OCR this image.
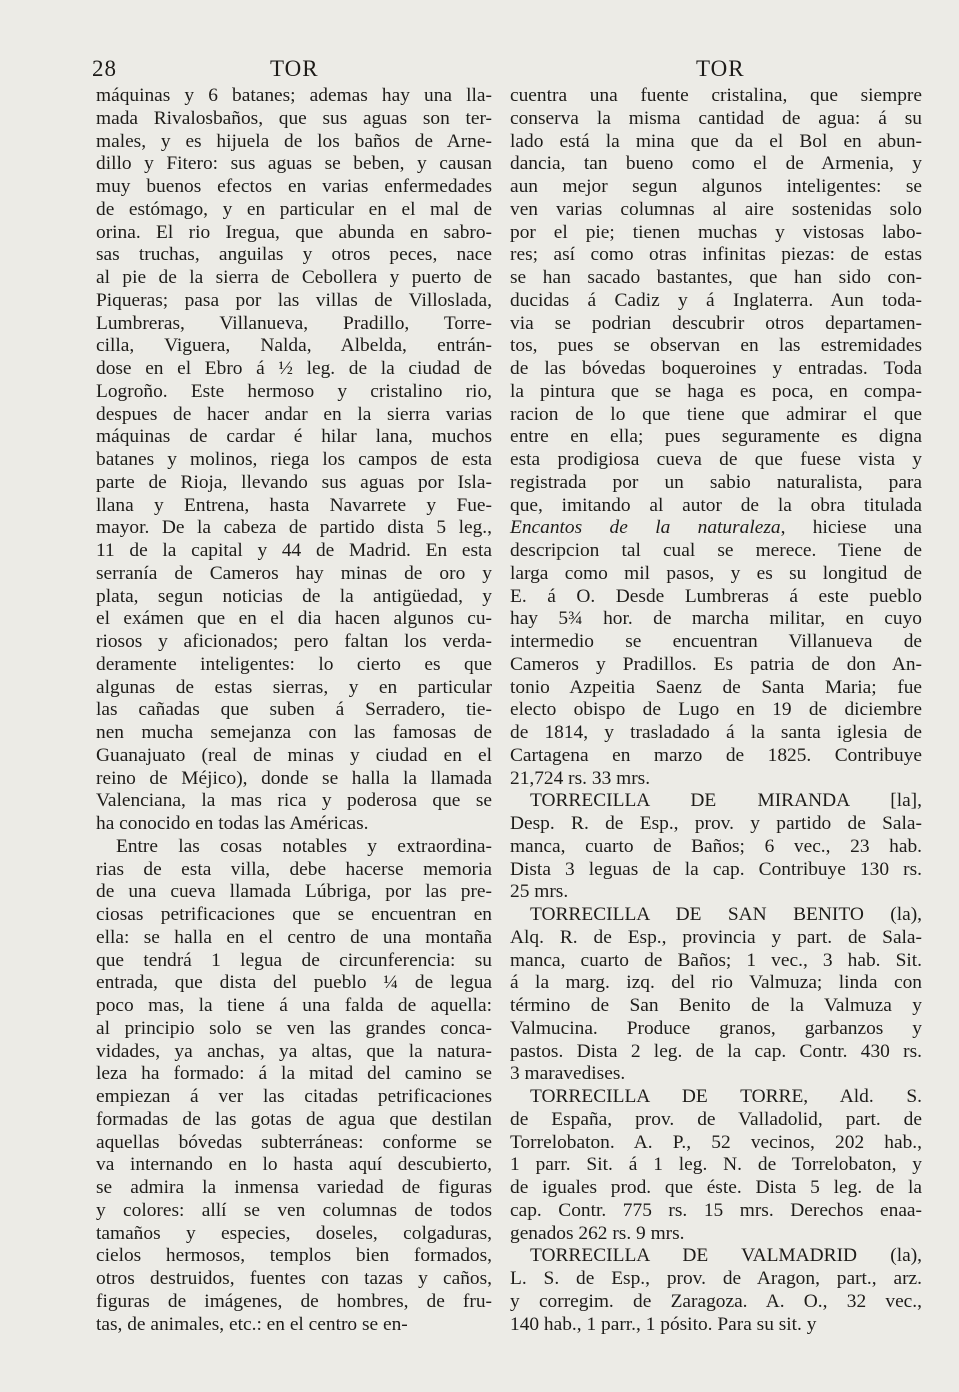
28	TOR	TOR
máquinas y 6 batanes; ademas hay una lla-
mada Rivalosbaños, que sus aguas son ter-
males, y es hijuela de los baños de Arne-
dillo y Fitero: sus aguas se beben, y causan
muy buenos efectos en varias enfermedades
de estómago, y en particular en el mal de
orina. El rio Iregua, que abunda en sabro-
sas truchas, anguilas y otros peces, nace
al pie de la sierra de Cebollera y puerto de
Piqueras; pasa por las villas de Villoslada,
Lumbreras, Villanueva, Pradillo, Torre-
cilla, Viguera, Nalda, Albelda, entrán-
dose en el Ebro á ½ leg. de la ciudad de
Logroño. Este hermoso y cristalino rio,
despues de hacer andar en la sierra varias
máquinas de cardar é hilar lana, muchos
batanes y molinos, riega los campos de esta
parte de Rioja, llevando sus aguas por Isla-
llana y Entrena, hasta Navarrete y Fue-
mayor. De la cabeza de partido dista 5 leg.,
11 de la capital y 44 de Madrid. En esta
serranía de Cameros hay minas de oro y
plata, segun noticias de la antigüedad, y
el exámen que en el dia hacen algunos cu-
riosos y aficionados; pero faltan los verda-
deramente inteligentes: lo cierto es que
algunas de estas sierras, y en particular
las cañadas que suben á Serradero, tie-
nen mucha semejanza con las famosas de
Guanajuato (real de minas y ciudad en el
reino de Méjico), donde se halla la llamada
Valenciana, la mas rica y poderosa que se
ha conocido en todas las Américas.
Entre las cosas notables y extraordina-
rias de esta villa, debe hacerse memoria
de una cueva llamada Lúbriga, por las pre-
ciosas petrificaciones que se encuentran en
ella: se halla en el centro de una montaña
que tendrá 1 legua de circunferencia: su
entrada, que dista del pueblo ¼ de legua
poco mas, la tiene á una falda de aquella:
al principio solo se ven las grandes conca-
vidades, ya anchas, ya altas, que la natura-
leza ha formado: á la mitad del camino se
empiezan á ver las citadas petrificaciones
formadas de las gotas de agua que destilan
aquellas bóvedas subterráneas: conforme se
va internando en lo hasta aquí descubierto,
se admira la inmensa variedad de figuras
y colores: allí se ven columnas de todos
tamaños y especies, doseles, colgaduras,
cielos hermosos, templos bien formados,
otros destruidos, fuentes con tazas y caños,
figuras de imágenes, de hombres, de fru-
tas, de animales, etc.: en el centro se en-
cuentra una fuente cristalina, que siempre
conserva la misma cantidad de agua: á su
lado está la mina que da el Bol en abun-
dancia, tan bueno como el de Armenia, y
aun mejor segun algunos inteligentes: se
ven varias columnas al aire sostenidas solo
por el pie; tienen muchas y vistosas labo-
res; así como otras infinitas piezas: de estas
se han sacado bastantes, que han sido con-
ducidas á Cadiz y á Inglaterra. Aun toda-
via se podrian descubrir otros departamen-
tos, pues se observan en las estremidades
de las bóvedas boqueroines y entradas. Toda
la pintura que se haga es poca, en compa-
racion de lo que tiene que admirar el que
entre en ella; pues seguramente es digna
esta prodigiosa cueva de que fuese vista y
registrada por un sabio naturalista, para
que, imitando al autor de la obra titulada
Encantos de la naturaleza, hiciese una
descripcion tal cual se merece. Tiene de
larga como mil pasos, y es su longitud de
E. á O. Desde Lumbreras á este pueblo
hay 5¾ hor. de marcha militar, en cuyo
intermedio se encuentran Villanueva de
Cameros y Pradillos. Es patria de don An-
tonio Azpeitia Saenz de Santa Maria; fue
electo obispo de Lugo en 19 de diciembre
de 1814, y trasladado á la santa iglesia de
Cartagena en marzo de 1825. Contribuye
21,724 rs. 33 mrs.
TORRECILLA DE MIRANDA [la],
Desp. R. de Esp., prov. y partido de Sala-
manca, cuarto de Baños; 6 vec., 23 hab.
Dista 3 leguas de la cap. Contribuye 130 rs.
25 mrs.
TORRECILLA DE SAN BENITO (la),
Alq. R. de Esp., provincia y part. de Sala-
manca, cuarto de Baños; 1 vec., 3 hab. Sit.
á la marg. izq. del rio Valmuza; linda con
término de San Benito de la Valmuza y
Valmucina. Produce granos, garbanzos y
pastos. Dista 2 leg. de la cap. Contr. 430 rs.
3 maravedises.
TORRECILLA DE TORRE, Ald. S.
de España, prov. de Valladolid, part. de
Torrelobaton. A. P., 52 vecinos, 202 hab.,
1 parr. Sit. á 1 leg. N. de Torrelobaton, y
de iguales prod. que éste. Dista 5 leg. de la
cap. Contr. 775 rs. 15 mrs. Derechos enaa-
genados 262 rs. 9 mrs.
TORRECILLA DE VALMADRID (la),
L. S. de Esp., prov. de Aragon, part., arz.
y corregim. de Zaragoza. A. O., 32 vec.,
140 hab., 1 parr., 1 pósito. Para su sit. y
